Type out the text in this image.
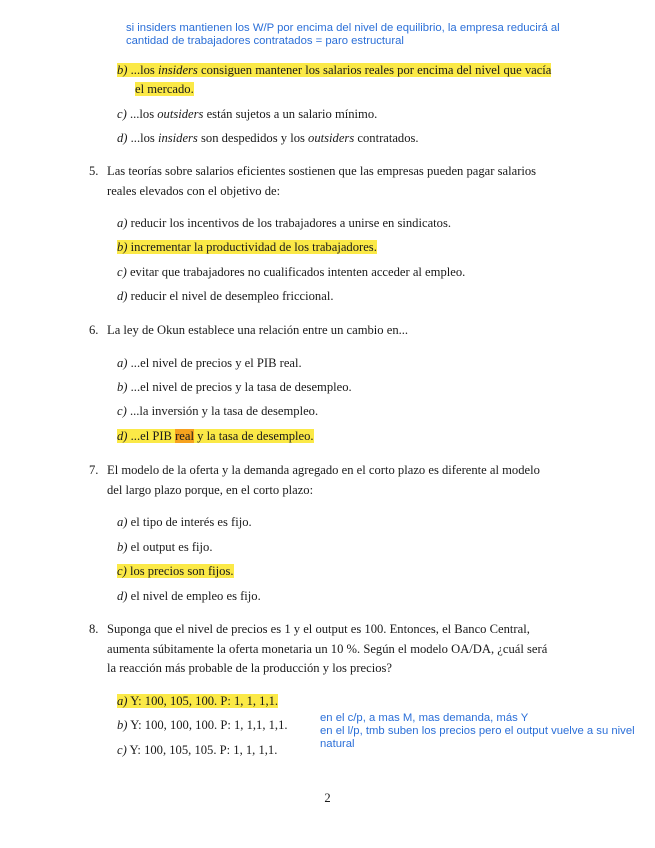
si insiders mantienen los W/P por encima del nivel de equilibrio, la empresa reducirá al
cantidad de trabajadores contratados = paro estructural
b) ...los insiders consiguen mantener los salarios reales por encima del nivel que vacía
el mercado.
c) ...los outsiders están sujetos a un salario mínimo.
d) ...los insiders son despedidos y los outsiders contratados.
5. Las teorías sobre salarios eficientes sostienen que las empresas pueden pagar salarios
reales elevados con el objetivo de:
a) reducir los incentivos de los trabajadores a unirse en sindicatos.
b) incrementar la productividad de los trabajadores.
c) evitar que trabajadores no cualificados intenten acceder al empleo.
d) reducir el nivel de desempleo friccional.
6. La ley de Okun establece una relación entre un cambio en...
a) ...el nivel de precios y el PIB real.
b) ...el nivel de precios y la tasa de desempleo.
c) ...la inversión y la tasa de desempleo.
d) ...el PIB real y la tasa de desempleo.
7. El modelo de la oferta y la demanda agregado en el corto plazo es diferente al modelo
del largo plazo porque, en el corto plazo:
a) el tipo de interés es fijo.
b) el output es fijo.
c) los precios son fijos.
d) el nivel de empleo es fijo.
8. Suponga que el nivel de precios es 1 y el output es 100. Entonces, el Banco Central,
aumenta súbitamente la oferta monetaria un 10 %. Según el modelo OA/DA, ¿cuál será
la reacción más probable de la producción y los precios?
a) Y: 100, 105, 100. P: 1, 1, 1,1.
b) Y: 100, 100, 100. P: 1, 1,1, 1,1.
c) Y: 100, 105, 105. P: 1, 1, 1,1.
en el c/p, a mas M, mas demanda, más Y
en el l/p, tmb suben los precios pero el output vuelve a su nivel
natural
2
